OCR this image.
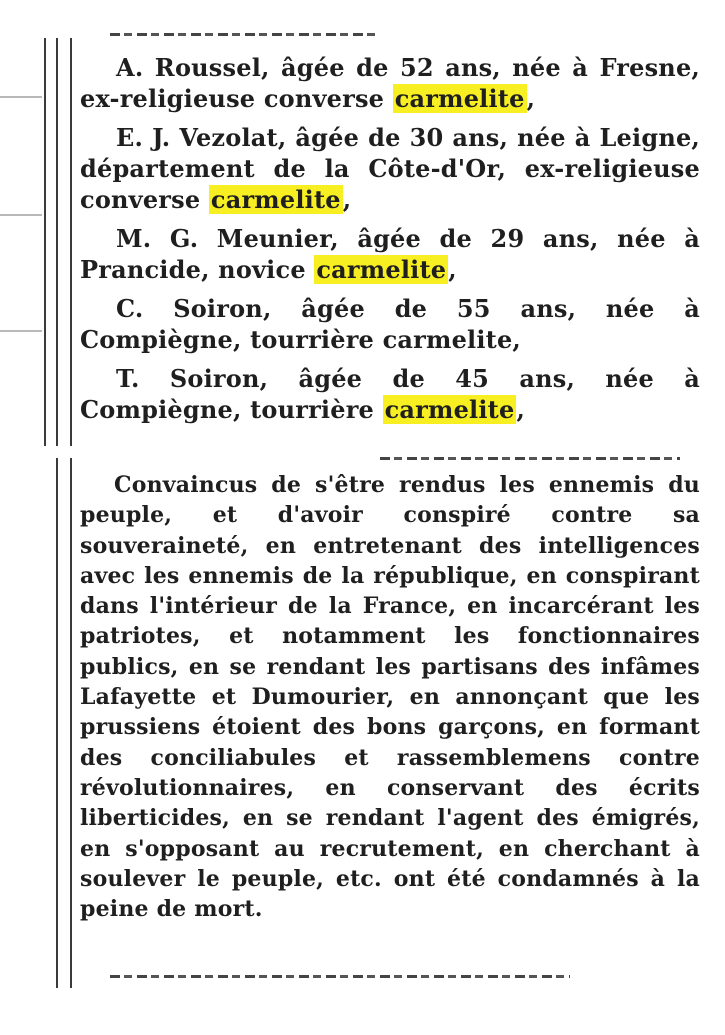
A. Roussel, âgée de 52 ans, née à Fresne, ex-religieuse converse carmelite,

E. J. Vezolat, âgée de 30 ans, née à Leigne, département de la Côte-d'Or, ex-religieuse converse carmelite,

M. G. Meunier, âgée de 29 ans, née à Prancide, novice carmelite,

C. Soiron, âgée de 55 ans, née à Compiègne, tourrière carmelite,

T. Soiron, âgée de 45 ans, née à Compiègne, tourrière carmelite,

Convaincus de s'être rendus les ennemis du peuple, et d'avoir conspiré contre sa souveraineté, en entretenant des intelligences avec les ennemis de la république, en conspirant dans l'intérieur de la France, en incarcérant les patriotes, et notamment les fonctionnaires publics, en se rendant les partisans des infâmes Lafayette et Dumourier, en annonçant que les prussiens étoient des bons garçons, en formant des conciliabules et rassemblemens contre révolutionnaires, en conservant des écrits liberticides, en se rendant l'agent des émigrés, en s'opposant au recrutement, en cherchant à soulever le peuple, etc. ont été condamnés à la peine de mort.
